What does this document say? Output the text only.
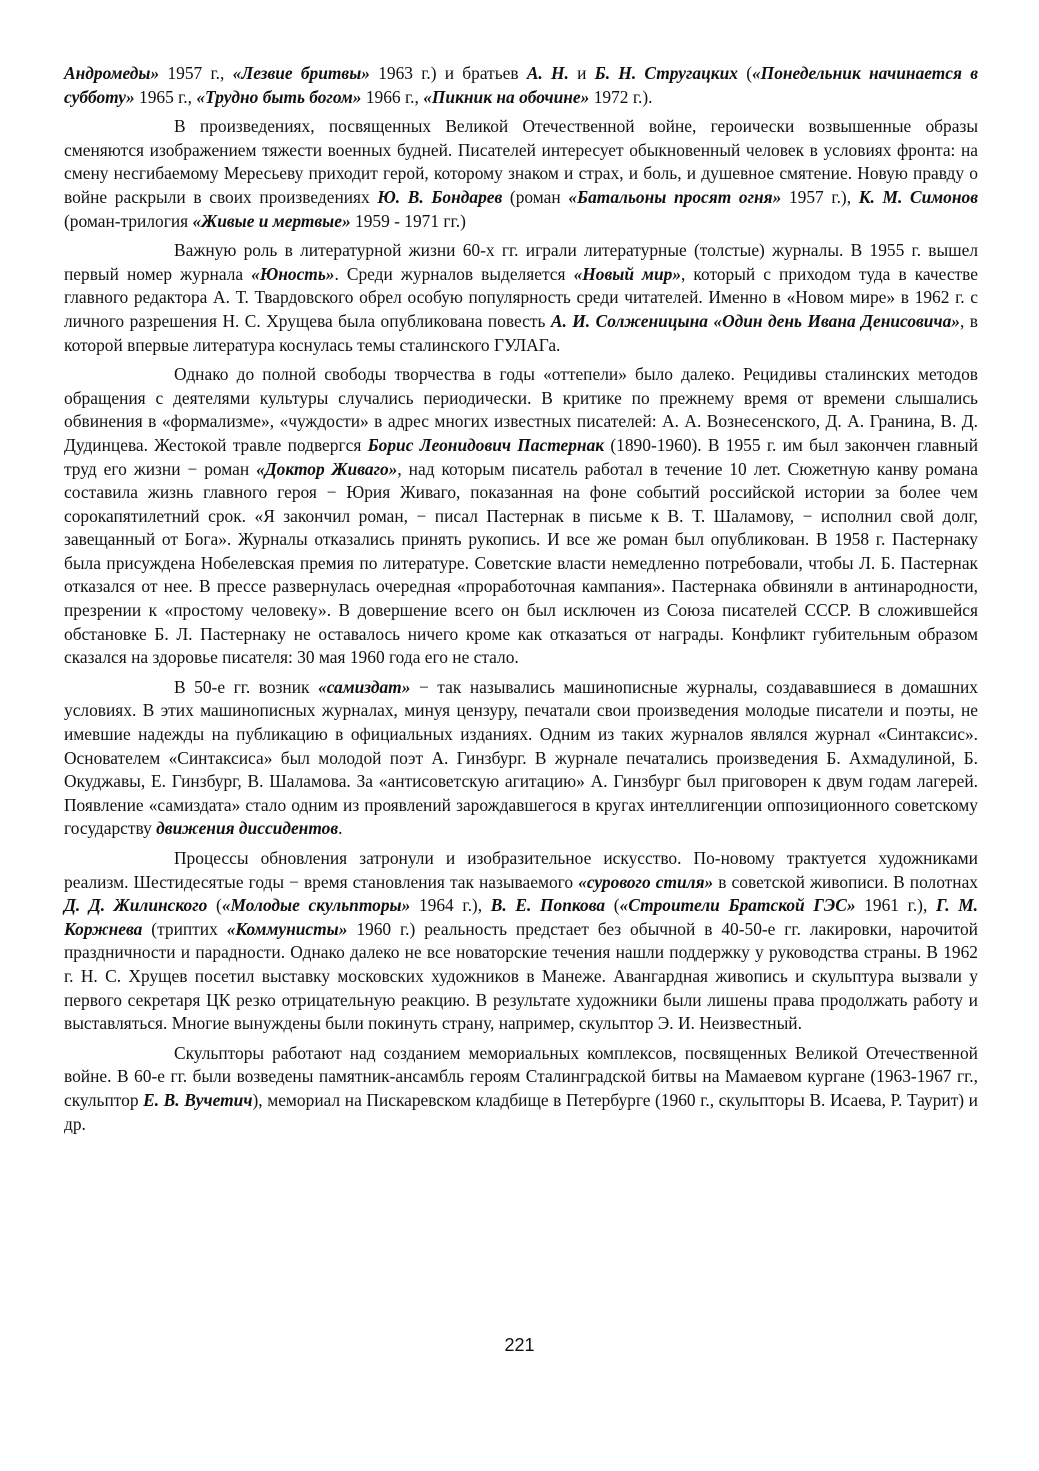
Андромеды» 1957 г., «Лезвие бритвы» 1963 г.) и братьев А. Н. и Б. Н. Стругацких («Понедельник начинается в субботу» 1965 г., «Трудно быть богом» 1966 г., «Пикник на обочине» 1972 г.).

В произведениях, посвященных Великой Отечественной войне, героически возвышенные образы сменяются изображением тяжести военных будней. Писателей интересует обыкновенный человек в условиях фронта: на смену несгибаемому Мересьеву приходит герой, которому знаком и страх, и боль, и душевное смятение. Новую правду о войне раскрыли в своих произведениях Ю. В. Бондарев (роман «Батальоны просят огня» 1957 г.), К. М. Симонов (роман-трилогия «Живые и мертвые» 1959 - 1971 гг.)

Важную роль в литературной жизни 60-х гг. играли литературные (толстые) журналы. В 1955 г. вышел первый номер журнала «Юность». Среди журналов выделяется «Новый мир», который с приходом туда в качестве главного редактора А. Т. Твардовского обрел особую популярность среди читателей. Именно в «Новом мире» в 1962 г. с личного разрешения Н. С. Хрущева была опубликована повесть А. И. Солженицына «Один день Ивана Денисовича», в которой впервые литература коснулась темы сталинского ГУЛАГа.

Однако до полной свободы творчества в годы «оттепели» было далеко. Рецидивы сталинских методов обращения с деятелями культуры случались периодически. В критике по прежнему время от времени слышались обвинения в «формализме», «чуждости» в адрес многих известных писателей: А. А. Вознесенского, Д. А. Гранина, В. Д. Дудинцева. Жестокой травле подвергся Борис Леонидович Пастернак (1890-1960). В 1955 г. им был закончен главный труд его жизни − роман «Доктор Живаго», над которым писатель работал в течение 10 лет. Сюжетную канву романа составила жизнь главного героя − Юрия Живаго, показанная на фоне событий российской истории за более чем сорокапятилетний срок. «Я закончил роман, − писал Пастернак в письме к В. Т. Шаламову, − исполнил свой долг, завещанный от Бога». Журналы отказались принять рукопись. И все же роман был опубликован. В 1958 г. Пастернаку была присуждена Нобелевская премия по литературе. Советские власти немедленно потребовали, чтобы Л. Б. Пастернак отказался от нее. В прессе развернулась очередная «проработочная кампания». Пастернака обвиняли в антинародности, презрении к «простому человеку». В довершение всего он был исключен из Союза писателей СССР. В сложившейся обстановке Б. Л. Пастернаку не оставалось ничего кроме как отказаться от награды. Конфликт губительным образом сказался на здоровье писателя: 30 мая 1960 года его не стало.

В 50-е гг. возник «самиздат» − так назывались машинописные журналы, создававшиеся в домашних условиях. В этих машинописных журналах, минуя цензуру, печатали свои произведения молодые писатели и поэты, не имевшие надежды на публикацию в официальных изданиях. Одним из таких журналов являлся журнал «Синтаксис». Основателем «Синтаксиса» был молодой поэт А. Гинзбург. В журнале печатались произведения Б. Ахмадулиной, Б. Окуджавы, Е. Гинзбург, В. Шаламова. За «антисоветскую агитацию» А. Гинзбург был приговорен к двум годам лагерей. Появление «самиздата» стало одним из проявлений зарождавшегося в кругах интеллигенции оппозиционного советскому государству движения диссидентов.

Процессы обновления затронули и изобразительное искусство. По-новому трактуется художниками реализм. Шестидесятые годы − время становления так называемого «сурового стиля» в советской живописи. В полотнах Д. Д. Жилинского («Молодые скульпторы» 1964 г.), В. Е. Попкова («Строители Братской ГЭС» 1961 г.), Г. М. Коржнева (триптих «Коммунисты» 1960 г.) реальность предстает без обычной в 40-50-е гг. лакировки, нарочитой праздничности и парадности. Однако далеко не все новаторские течения нашли поддержку у руководства страны. В 1962 г. Н. С. Хрущев посетил выставку московских художников в Манеже. Авангардная живопись и скульптура вызвали у первого секретаря ЦК резко отрицательную реакцию. В результате художники были лишены права продолжать работу и выставляться. Многие вынуждены были покинуть страну, например, скульптор Э. И. Неизвестный.

Скульпторы работают над созданием мемориальных комплексов, посвященных Великой Отечественной войне. В 60-е гг. были возведены памятник-ансамбль героям Сталинградской битвы на Мамаевом кургане (1963-1967 гг., скульптор Е. В. Вучетич), мемориал на Пискаревском кладбище в Петербурге (1960 г., скульпторы В. Исаева, Р. Таурит) и др.

221
